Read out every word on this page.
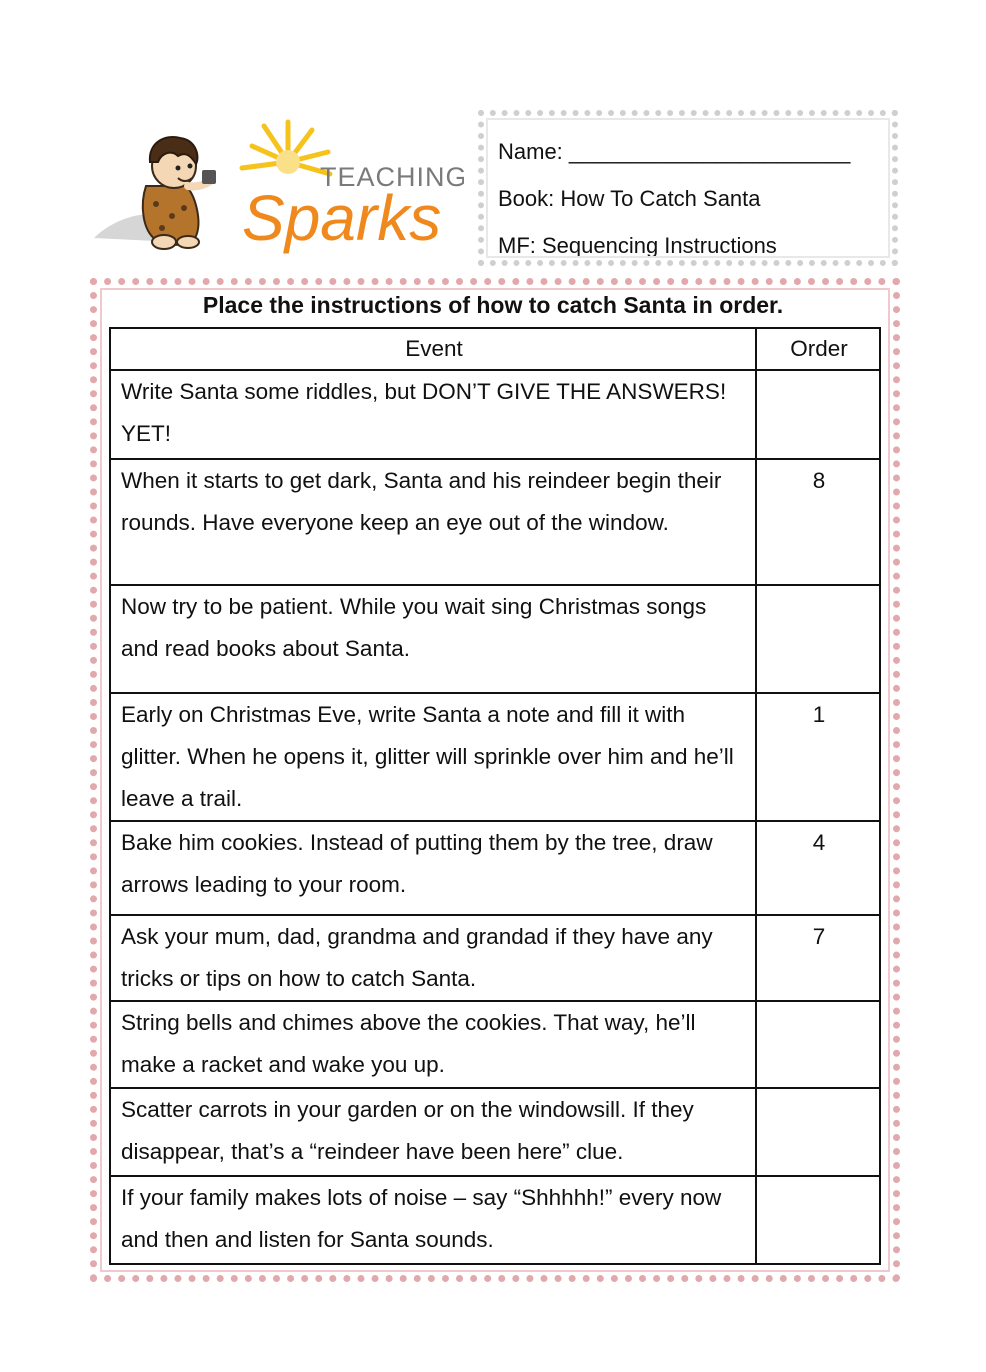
TEACHING
Sparks
Name: _______________________
Book: How To Catch Santa
MF: Sequencing Instructions
Place the instructions of how to catch Santa in order.
Event	Order
Write Santa some riddles, but DON’T GIVE THE ANSWERS! YET!	
When it starts to get dark, Santa and his reindeer begin their rounds. Have everyone keep an eye out of the window.	8
Now try to be patient. While you wait sing Christmas songs and read books about Santa.	
Early on Christmas Eve, write Santa a note and fill it with glitter. When he opens it, glitter will sprinkle over him and he’ll leave a trail.	1
Bake him cookies. Instead of putting them by the tree, draw arrows leading to your room.	4
Ask your mum, dad, grandma and grandad if they have any tricks or tips on how to catch Santa.	7
String bells and chimes above the cookies. That way, he’ll make a racket and wake you up.	
Scatter carrots in your garden or on the windowsill. If they disappear, that’s a “reindeer have been here” clue.	
If your family makes lots of noise – say “Shhhhh!” every now and then and listen for Santa sounds.	
